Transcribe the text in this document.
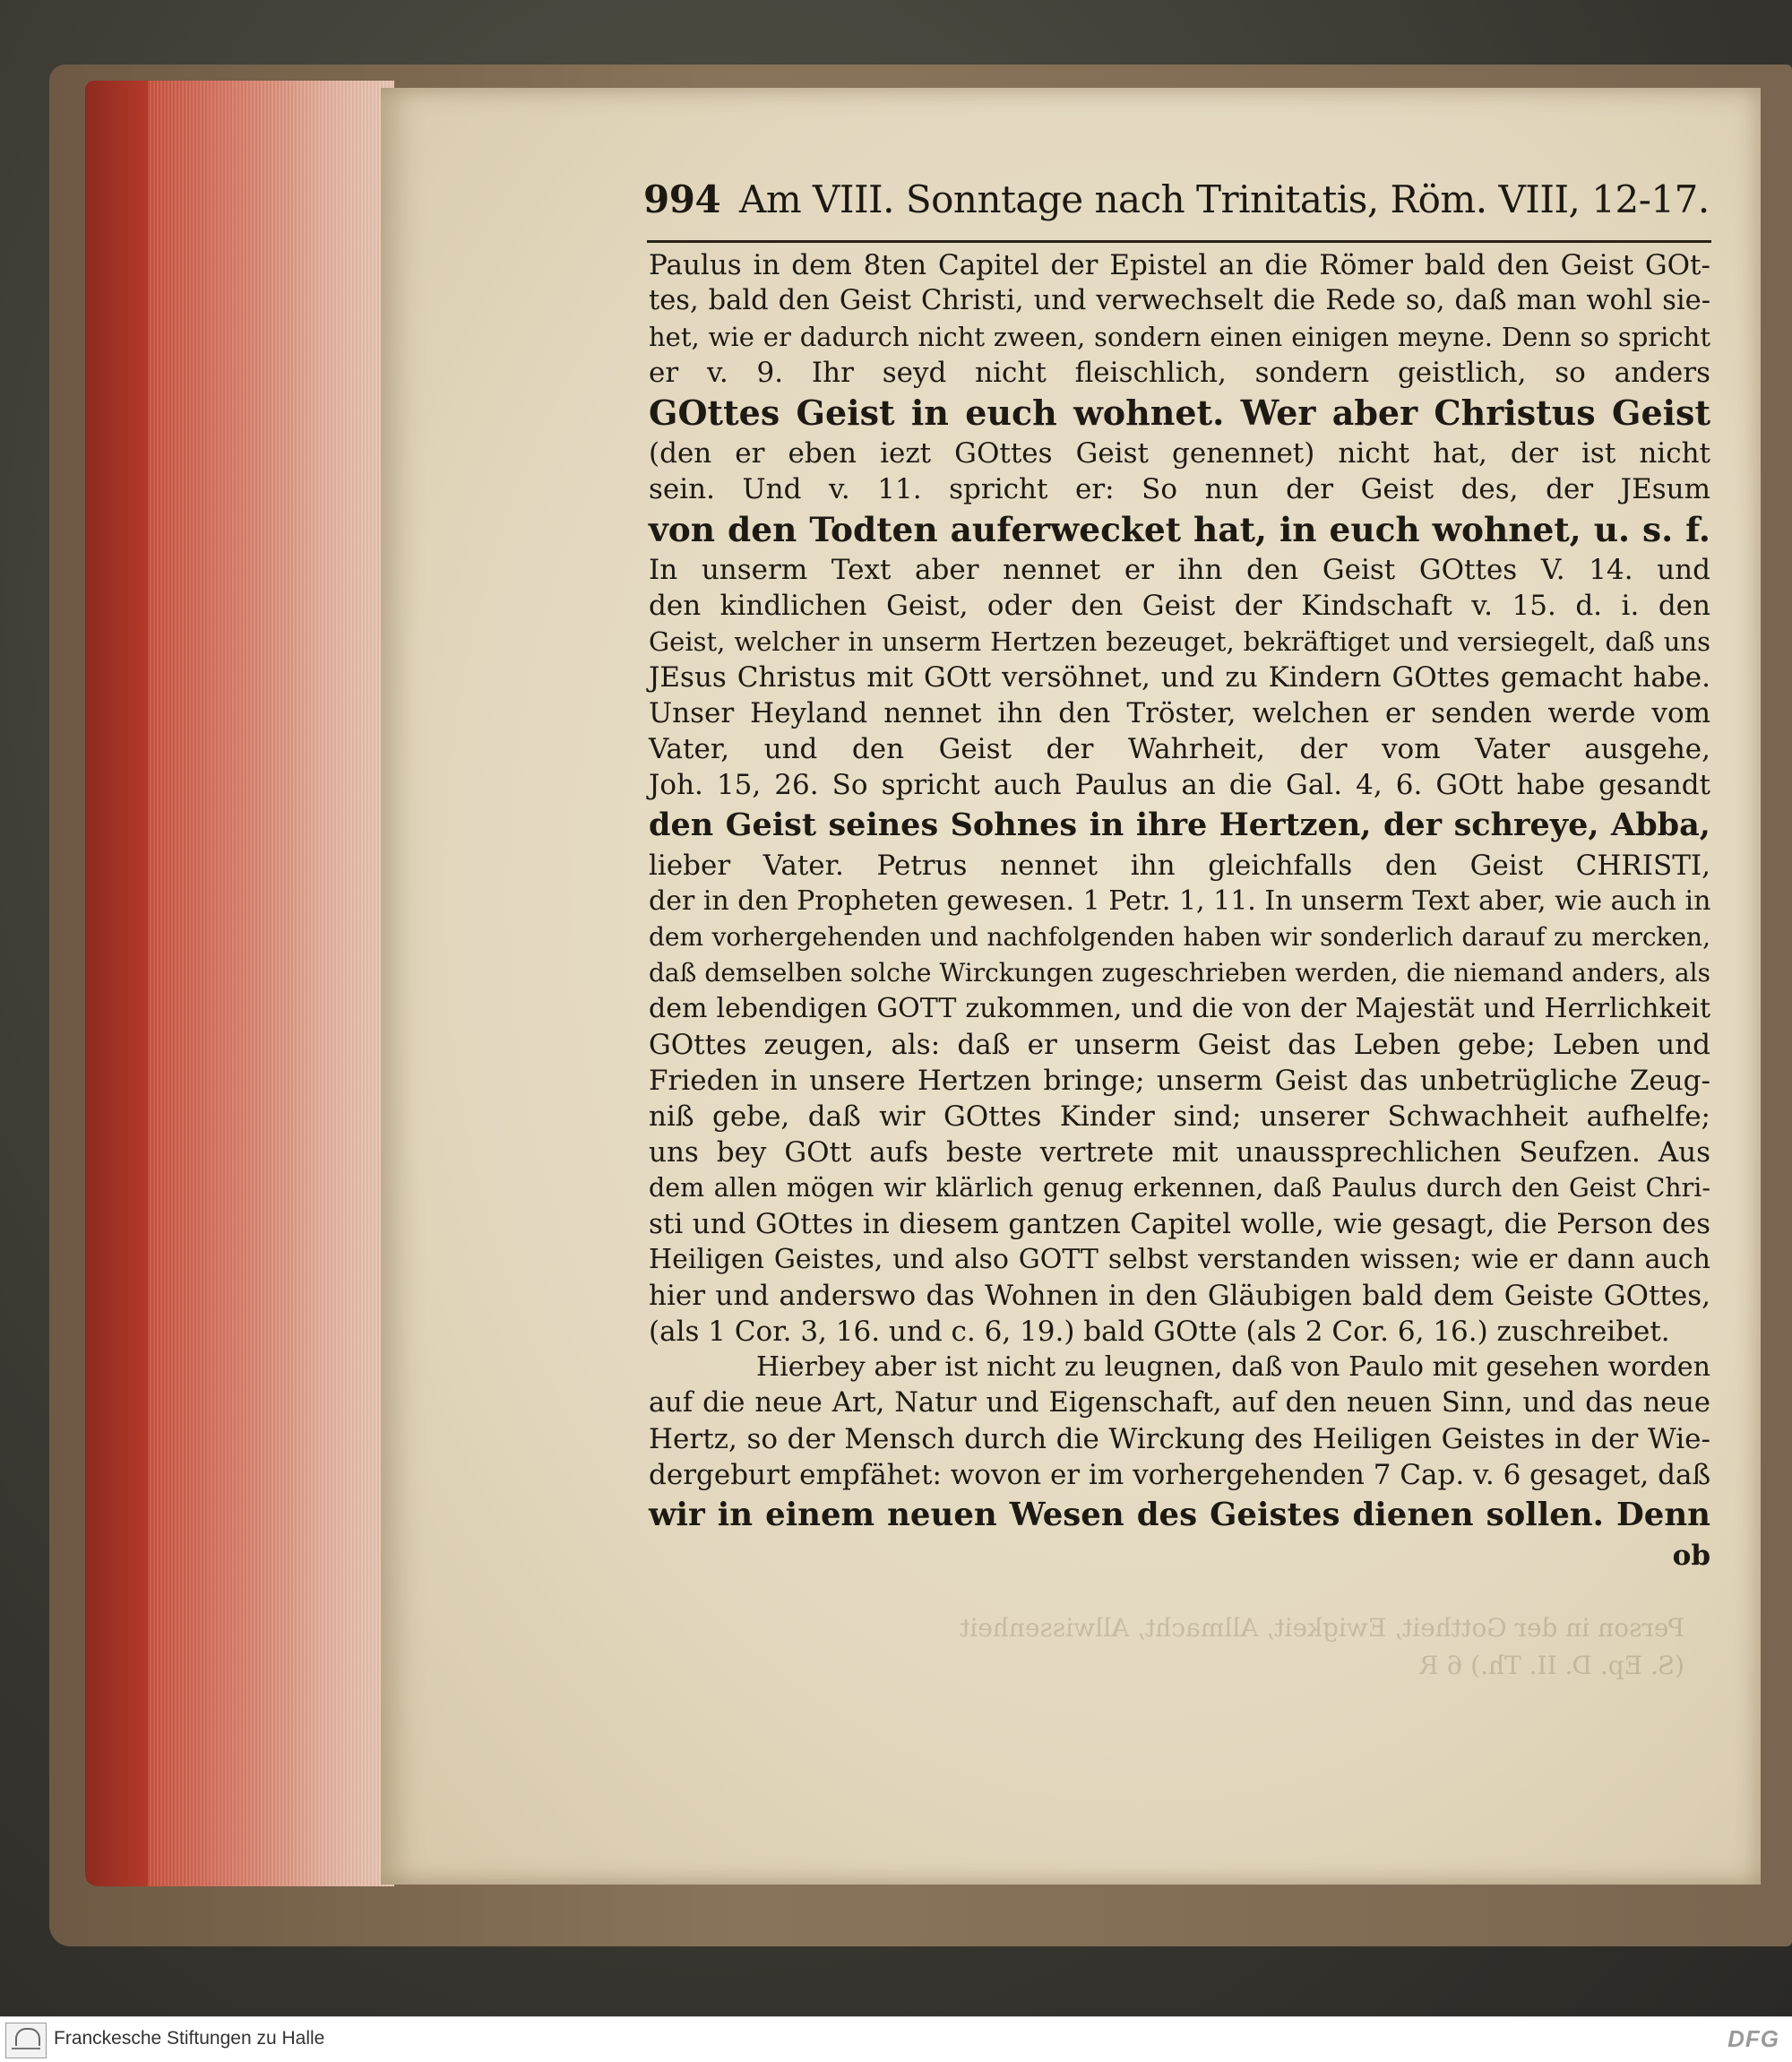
Person in der Gottheit, Ewigkeit, Allmacht, Allwissenheit
(S. Ep. D. II. Th.) 6 R
994 Am VIII. Sonntage nach Trinitatis, Röm. VIII, 12-17.
Paulus in dem 8ten Capitel der Epistel an die Römer bald den Geist GOt-
tes, bald den Geist Christi, und verwechselt die Rede so, daß man wohl sie-
het, wie er dadurch nicht zween, sondern einen einigen meyne. Denn so spricht
er v. 9. Ihr seyd nicht fleischlich, sondern geistlich, so anders
GOttes Geist in euch wohnet. Wer aber Christus Geist
(den er eben iezt GOttes Geist genennet) nicht hat, der ist nicht
sein. Und v. 11. spricht er: So nun der Geist des, der JEsum
von den Todten auferwecket hat, in euch wohnet, u. s. f.
In unserm Text aber nennet er ihn den Geist GOttes V. 14. und
den kindlichen Geist, oder den Geist der Kindschaft v. 15. d. i. den
Geist, welcher in unserm Hertzen bezeuget, bekräftiget und versiegelt, daß uns
JEsus Christus mit GOtt versöhnet, und zu Kindern GOttes gemacht habe.
Unser Heyland nennet ihn den Tröster, welchen er senden werde vom
Vater, und den Geist der Wahrheit, der vom Vater ausgehe,
Joh. 15, 26. So spricht auch Paulus an die Gal. 4, 6. GOtt habe gesandt
den Geist seines Sohnes in ihre Hertzen, der schreye, Abba,
lieber Vater. Petrus nennet ihn gleichfalls den Geist CHRISTI,
der in den Propheten gewesen. 1 Petr. 1, 11. In unserm Text aber, wie auch in
dem vorhergehenden und nachfolgenden haben wir sonderlich darauf zu mercken,
daß demselben solche Wirckungen zugeschrieben werden, die niemand anders, als
dem lebendigen GOTT zukommen, und die von der Majestät und Herrlichkeit
GOttes zeugen, als: daß er unserm Geist das Leben gebe; Leben und
Frieden in unsere Hertzen bringe; unserm Geist das unbetrügliche Zeug-
niß gebe, daß wir GOttes Kinder sind; unserer Schwachheit aufhelfe;
uns bey GOtt aufs beste vertrete mit unaussprechlichen Seufzen. Aus
dem allen mögen wir klärlich genug erkennen, daß Paulus durch den Geist Chri-
sti und GOttes in diesem gantzen Capitel wolle, wie gesagt, die Person des
Heiligen Geistes, und also GOTT selbst verstanden wissen; wie er dann auch
hier und anderswo das Wohnen in den Gläubigen bald dem Geiste GOttes,
(als 1 Cor. 3, 16. und c. 6, 19.) bald GOtte (als 2 Cor. 6, 16.) zuschreibet.
Hierbey aber ist nicht zu leugnen, daß von Paulo mit gesehen worden
auf die neue Art, Natur und Eigenschaft, auf den neuen Sinn, und das neue
Hertz, so der Mensch durch die Wirckung des Heiligen Geistes in der Wie-
dergeburt empfähet: wovon er im vorhergehenden 7 Cap. v. 6 gesaget, daß
wir in einem neuen Wesen des Geistes dienen sollen. Denn
ob
Franckesche Stiftungen zu Halle	DFG
